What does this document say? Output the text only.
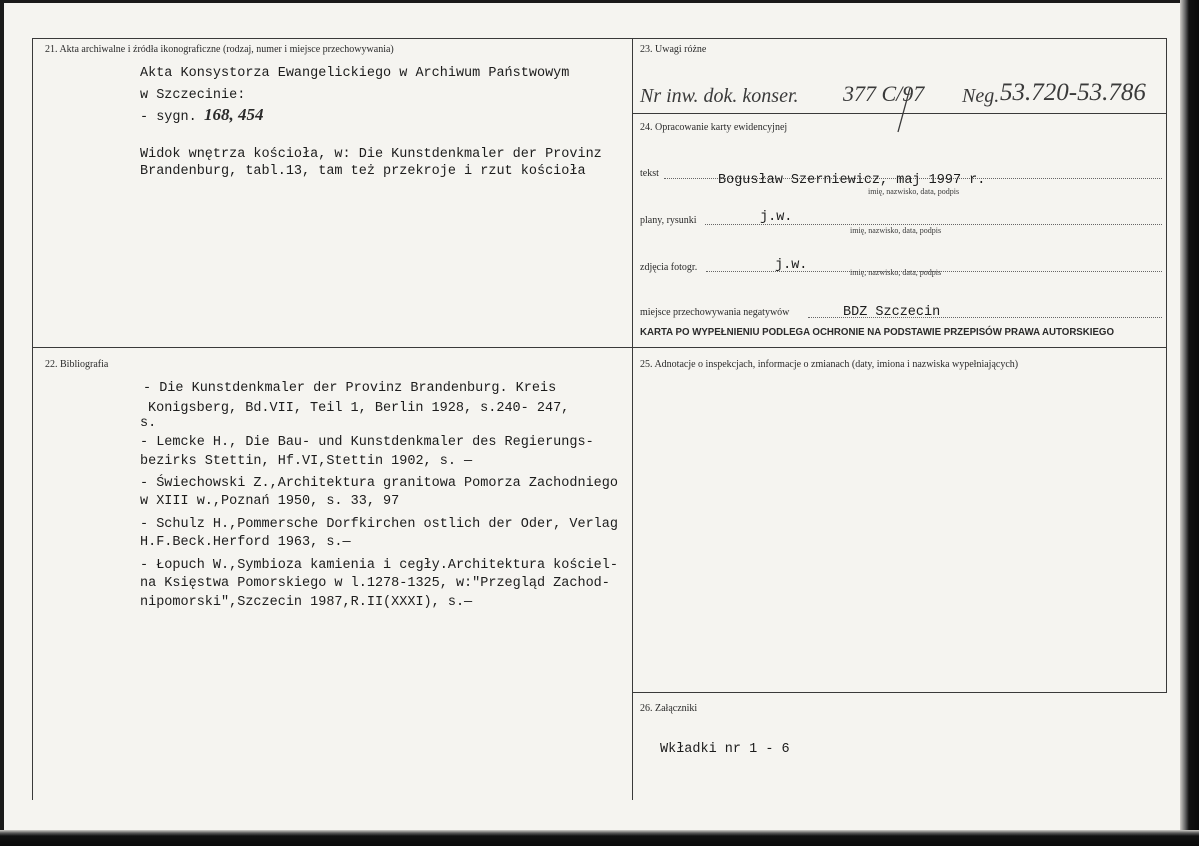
21. Akta archiwalne i źródła ikonograficzne (rodzaj, numer i miejsce przechowywania)
Akta Konsystorza Ewangelickiego w Archiwum Państwowym
w Szczecinie:
- sygn. 168, 454
Widok wnętrza kościoła, w: Die Kunstdenkmaler der Provinz
Brandenburg, tabl.13, tam też przekroje i rzut kościoła
23. Uwagi różne
Nr inw. dok. konser. 377 C/97 Neg. 53.720-53.786
24. Opracowanie karty ewidencyjnej
tekst	Bogusław Szerniewicz, maj 1997 r.
imię, nazwisko, data, podpis
plany, rysunki	j.w.
imię, nazwisko, data, podpis
zdjęcia fotogr.	j.w.	imię, nazwisko, data, podpis
miejsce przechowywania negatywów	BDZ Szczecin
KARTA PO WYPEŁNIENIU PODLEGA OCHRONIE NA PODSTAWIE PRZEPISÓW PRAWA AUTORSKIEGO
22. Bibliografia
- Die Kunstdenkmaler der Provinz Brandenburg. Kreis
Konigsberg, Bd.VII, Teil 1, Berlin 1928, s.240- 247,
s.
- Lemcke H., Die Bau- und Kunstdenkmaler des Regierungs-
bezirks Stettin, Hf.VI,Stettin 1902, s. —
- Świechowski Z.,Architektura granitowa Pomorza Zachodniego
w XIII w.,Poznań 1950, s. 33, 97
- Schulz H.,Pommersche Dorfkirchen ostlich der Oder, Verlag
H.F.Beck.Herford 1963, s.—
- Łopuch W.,Symbioza kamienia i cegły.Architektura kościel-
na Księstwa Pomorskiego w l.1278-1325, w:"Przegląd Zachod-
nipomorski",Szczecin 1987,R.II(XXXI), s.—
25. Adnotacje o inspekcjach, informacje o zmianach (daty, imiona i nazwiska wypełniających)
26. Załączniki
Wkładki nr 1 - 6
